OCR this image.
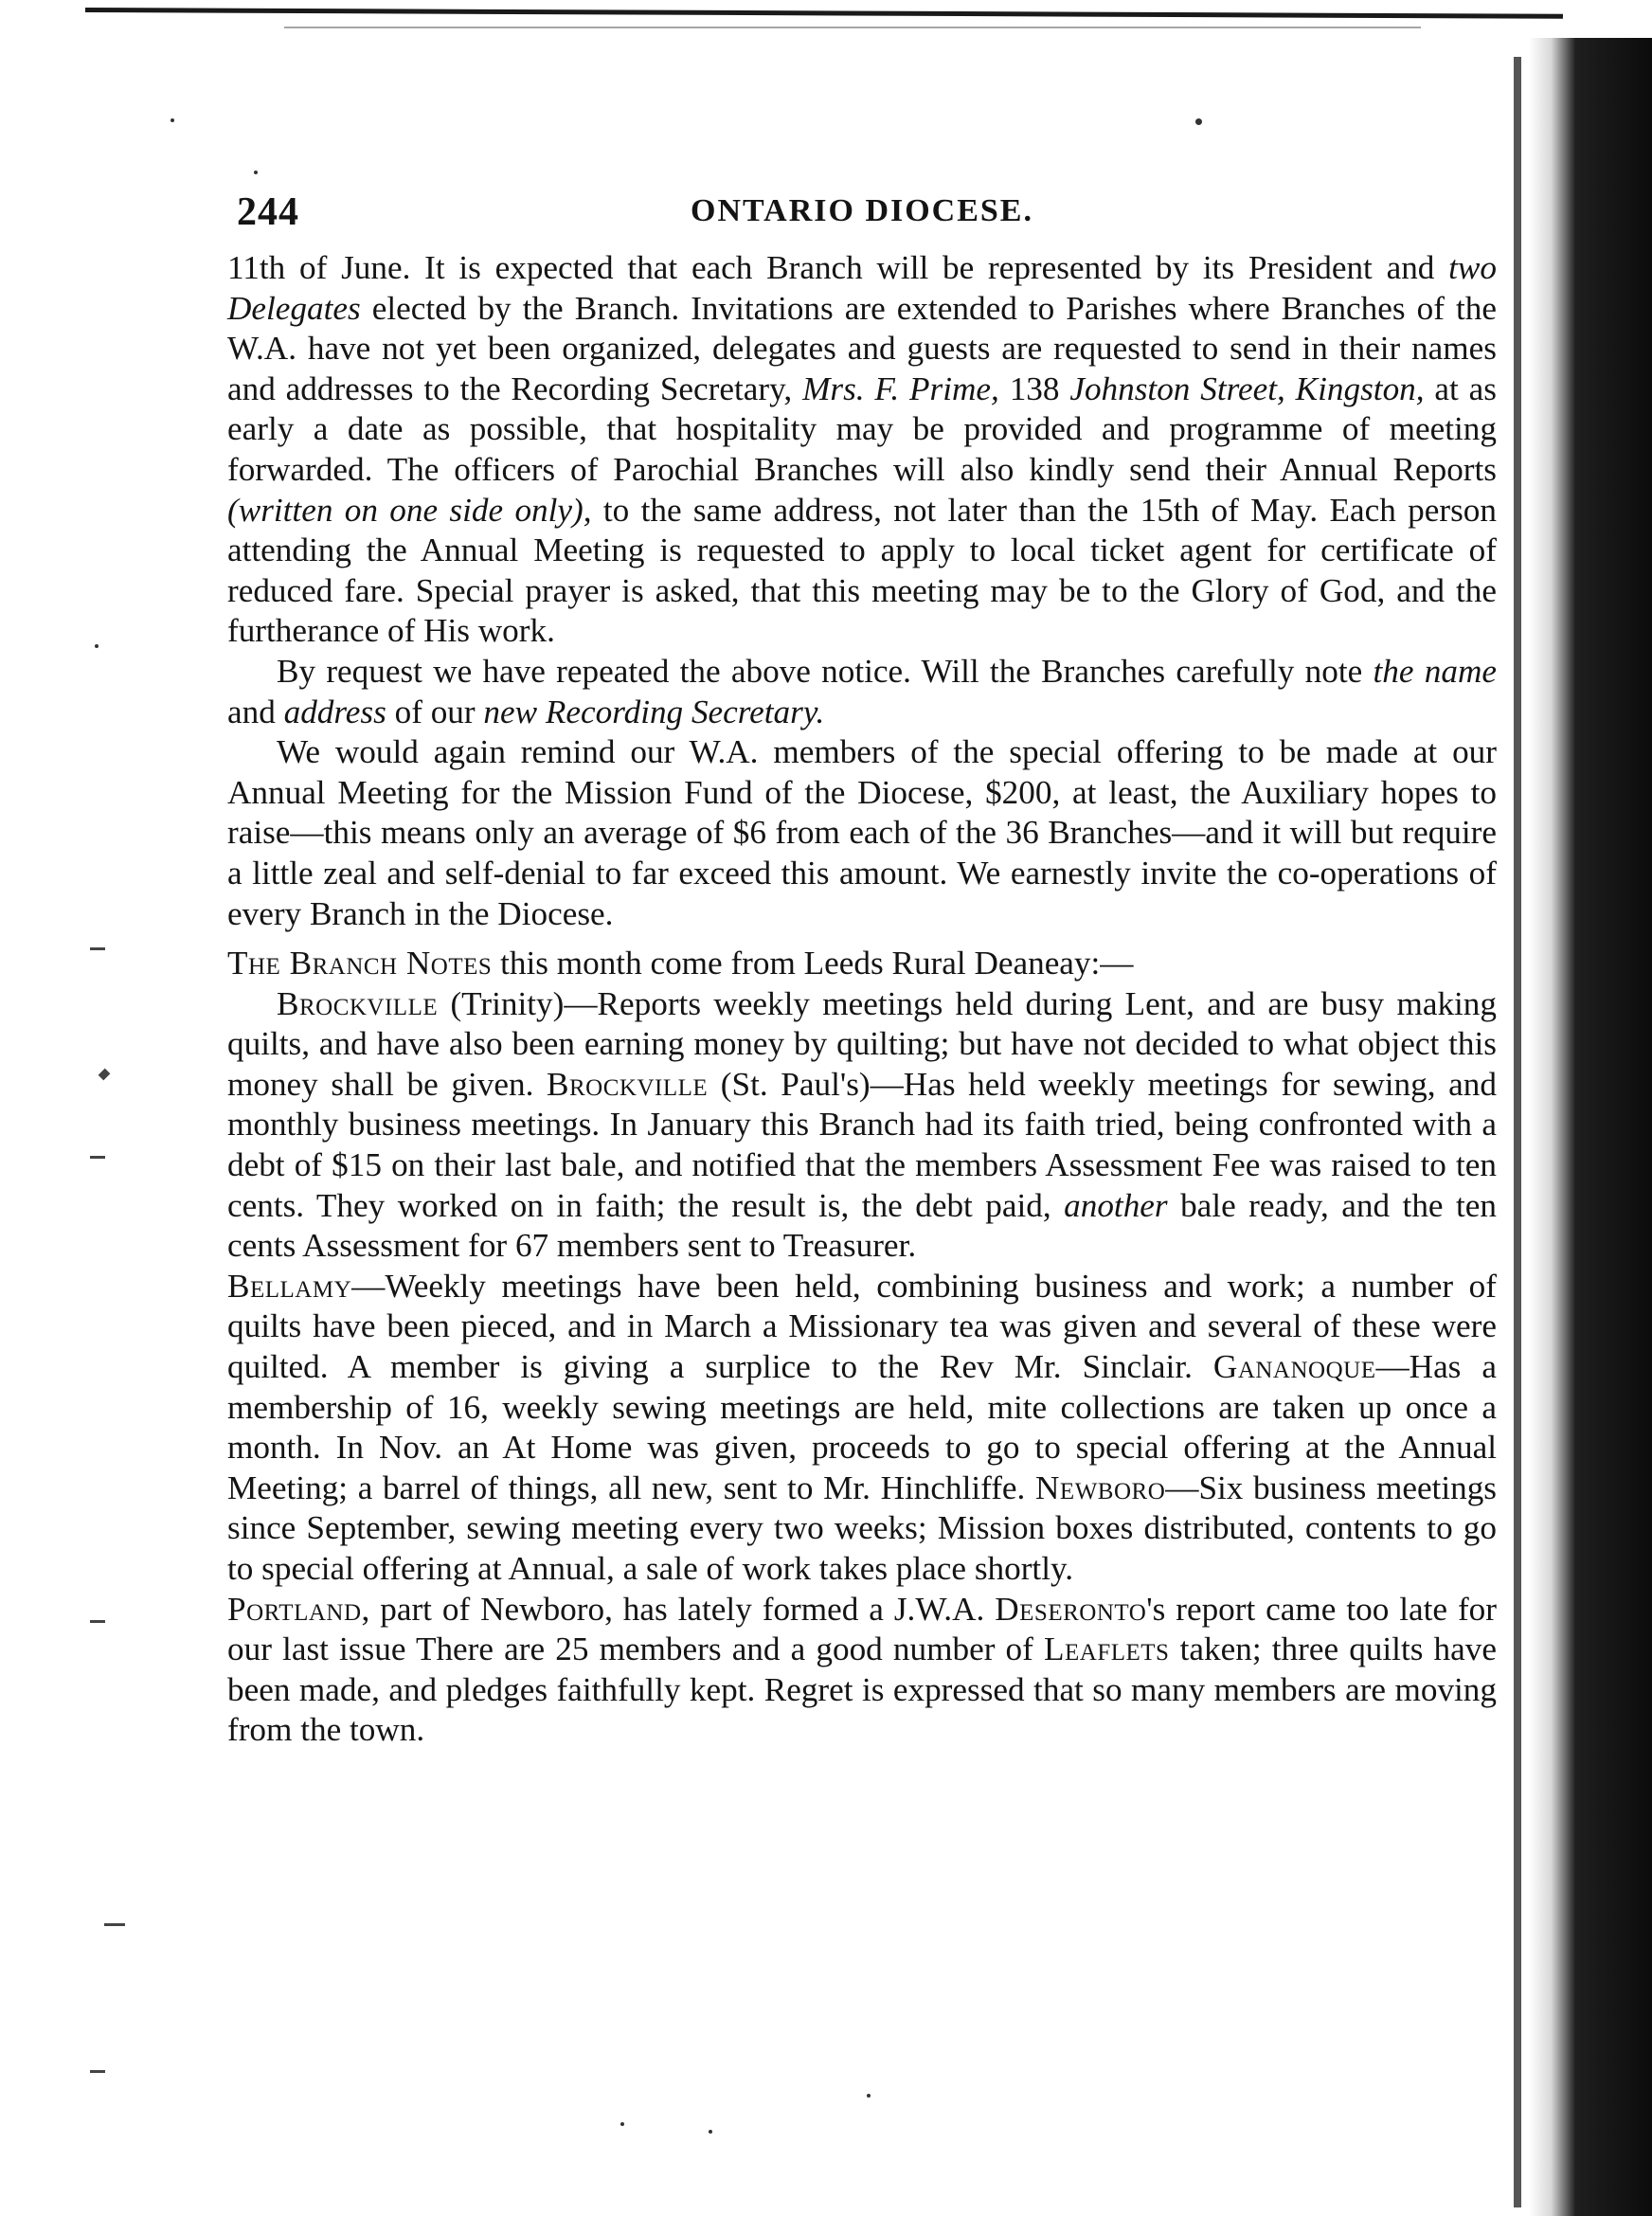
244	ONTARIO DIOCESE.

11th of June. It is expected that each Branch will be represented by its President and two Delegates elected by the Branch. Invitations are extended to Parishes where Branches of the W.A. have not yet been organized, delegates and guests are requested to send in their names and addresses to the Recording Secretary, Mrs. F. Prime, 138 Johnston Street, Kingston, at as early a date as possible, that hospitality may be provided and programme of meeting forwarded. The officers of Parochial Branches will also kindly send their Annual Reports (written on one side only), to the same address, not later than the 15th of May. Each person attending the Annual Meeting is requested to apply to local ticket agent for certificate of reduced fare. Special prayer is asked, that this meeting may be to the Glory of God, and the furtherance of His work.

By request we have repeated the above notice. Will the Branches carefully note the name and address of our new Recording Secretary.

We would again remind our W.A. members of the special offering to be made at our Annual Meeting for the Mission Fund of the Diocese, $200, at least, the Auxiliary hopes to raise—this means only an average of $6 from each of the 36 Branches—and it will but require a little zeal and self-denial to far exceed this amount. We earnestly invite the co-operations of every Branch in the Diocese.

The Branch Notes this month come from Leeds Rural Deaneay:—

Brockville (Trinity)—Reports weekly meetings held during Lent, and are busy making quilts, and have also been earning money by quilting; but have not decided to what object this money shall be given. Brockville (St. Paul's)—Has held weekly meetings for sewing, and monthly business meetings. In January this Branch had its faith tried, being confronted with a debt of $15 on their last bale, and notified that the members Assessment Fee was raised to ten cents. They worked on in faith; the result is, the debt paid, another bale ready, and the ten cents Assessment for 67 members sent to Treasurer.

Bellamy—Weekly meetings have been held, combining business and work; a number of quilts have been pieced, and in March a Missionary tea was given and several of these were quilted. A member is giving a surplice to the Rev Mr. Sinclair. Gananoque—Has a membership of 16, weekly sewing meetings are held, mite collections are taken up once a month. In Nov. an At Home was given, proceeds to go to special offering at the Annual Meeting; a barrel of things, all new, sent to Mr. Hinchliffe. Newboro—Six business meetings since September, sewing meeting every two weeks; Mission boxes distributed, contents to go to special offering at Annual, a sale of work takes place shortly.

Portland, part of Newboro, has lately formed a J.W.A. Deseronto's report came too late for our last issue There are 25 members and a good number of Leaflets taken; three quilts have been made, and pledges faithfully kept. Regret is expressed that so many members are moving from the town.
